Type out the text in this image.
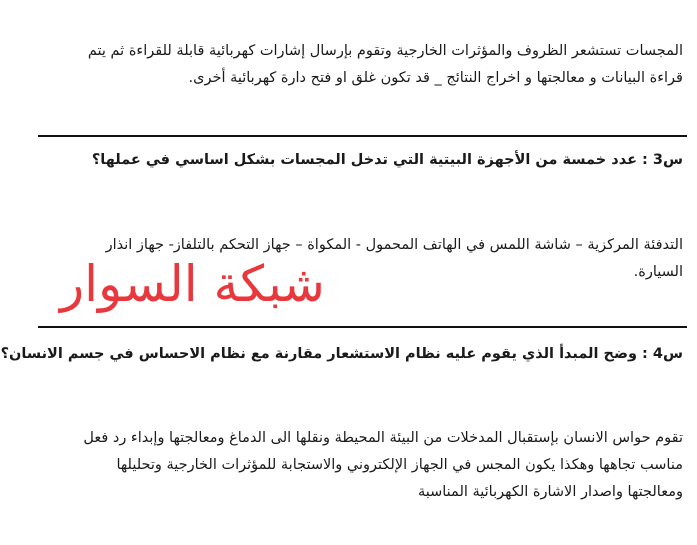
المجسات تستشعر الظروف والمؤثرات الخارجية وتقوم بإرسال إشارات كهربائية قابلة للقراءة ثم يتم
قراءة البيانات و معالجتها و اخراج النتائج _ قد تكون غلق او فتح دارة كهربائية أخرى.
س3 : عدد خمسة من الأجهزة البيتية التي تدخل المجسات بشكل اساسي في عملها؟
التدفئة المركزية – شاشة اللمس في الهاتف المحمول - المكواة – جهاز التحكم بالتلفاز- جهاز انذار
السيارة.
شبكة السوار
س4 : وضح المبدأ الذي يقوم عليه نظام الاستشعار مقارنة مع نظام الاحساس في جسم الانسان؟
تقوم حواس الانسان بإستقبال المدخلات من البيئة المحيطة ونقلها الى الدماغ ومعالجتها وإبداء رد فعل
مناسب تجاهها وهكذا يكون المجس في الجهاز الإلكتروني والاستجابة للمؤثرات الخارجية وتحليلها
ومعالجتها واصدار الاشارة الكهربائية المناسبة
